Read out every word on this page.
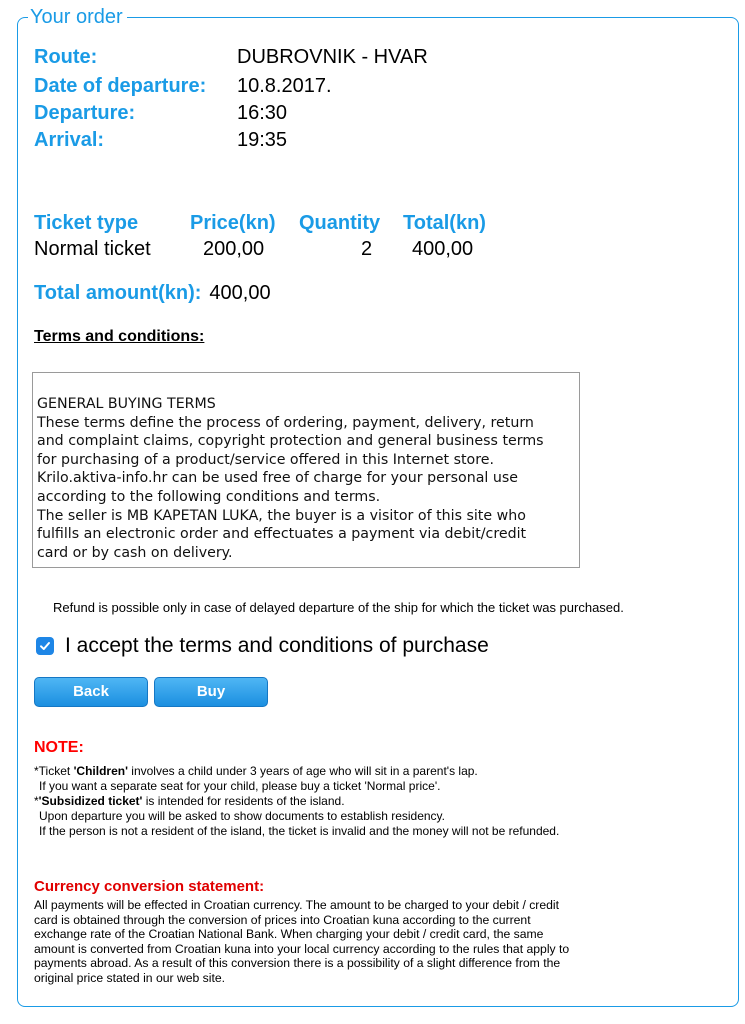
Your order
Route:	DUBROVNIK - HVAR
Date of departure: 10.8.2017.
Departure:	16:30
Arrival:	19:35
Ticket type	Price(kn) Quantity Total(kn)
Normal ticket	200,00	2 400,00
Total amount(kn): 400,00
Terms and conditions:
GENERAL BUYING TERMS
These terms define the process of ordering, payment, delivery, return
and complaint claims, copyright protection and general business terms
for purchasing of a product/service offered in this Internet store.
Krilo.aktiva-info.hr can be used free of charge for your personal use
according to the following conditions and terms.
The seller is MB KAPETAN LUKA, the buyer is a visitor of this site who
fulfills an electronic order and effectuates a payment via debit/credit
card or by cash on delivery.
Refund is possible only in case of delayed departure of the ship for which the ticket was purchased.
I accept the terms and conditions of purchase
Back	Buy
NOTE:
*Ticket 'Children' involves a child under 3 years of age who will sit in a parent's lap.
If you want a separate seat for your child, please buy a ticket 'Normal price'.
*'Subsidized ticket' is intended for residents of the island.
Upon departure you will be asked to show documents to establish residency.
If the person is not a resident of the island, the ticket is invalid and the money will not be refunded.
Currency conversion statement:
All payments will be effected in Croatian currency. The amount to be charged to your debit / credit
card is obtained through the conversion of prices into Croatian kuna according to the current
exchange rate of the Croatian National Bank. When charging your debit / credit card, the same
amount is converted from Croatian kuna into your local currency according to the rules that apply to
payments abroad. As a result of this conversion there is a possibility of a slight difference from the
original price stated in our web site.
